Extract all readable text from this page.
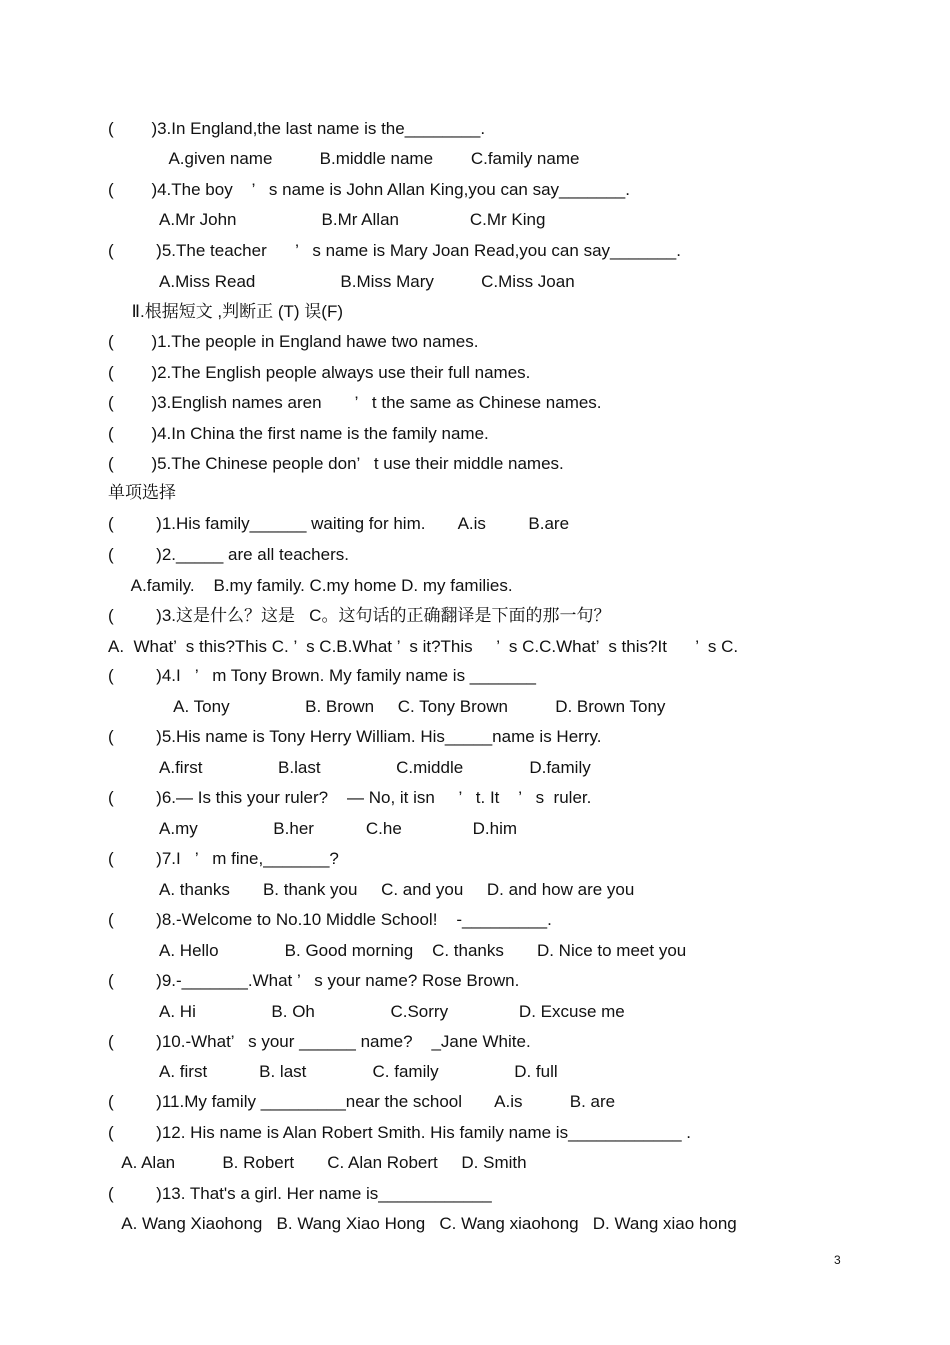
(        )3.In England,the last name is the________.
A.given name          B.middle name        C.family name
(        )4.The boy    ’   s name is John Allan King,you can say_______.
A.Mr John                  B.Mr Allan               C.Mr King
(         )5.The teacher      ’   s name is Mary Joan Read,you can say_______.
A.Miss Read                  B.Miss Mary          C.Miss Joan
Ⅱ.根据短文 ,判断正 (T) 误(F)
(        )1.The people in England hawe two names.
(        )2.The English people always use their full names.
(        )3.English names aren       ’   t the same as Chinese names.
(        )4.In China the first name is the family name.
(        )5.The Chinese people don’   t use their middle names.
单项选择
(         )1.His family______ waiting for him.       A.is         B.are
(         )2._____ are all teachers.
A.family.    B.my family. C.my home D. my families.
(         )3.这是什么？这是   C。这句话的正确翻译是下面的那一句？
A.  What’  s this?This C. ’  s C.B.What ’  s it?This     ’  s C.C.What’  s this?It      ’  s C.
(         )4.I   ’   m Tony Brown. My family name is _______
A. Tony                B. Brown     C. Tony Brown          D. Brown Tony
(         )5.His name is Tony Herry William. His_____name is Herry.
A.first                B.last                C.middle              D.family
(         )6.— Is this your ruler?    — No, it isn     ’   t. It    ’   s  ruler.
A.my                B.her           C.he               D.him
(         )7.I   ’   m fine,_______?
A. thanks       B. thank you     C. and you     D. and how are you
(         )8.-Welcome to No.10 Middle School!    -_________.
A. Hello              B. Good morning    C. thanks       D. Nice to meet you
(         )9.-_______.What ’   s your name? Rose Brown.
A. Hi                B. Oh                C.Sorry               D. Excuse me
(         )10.-What’   s your ______ name?    _Jane White.
A. first           B. last              C. family                D. full
(         )11.My family _________near the school       A.is          B. are
(         )12. His name is Alan Robert Smith. His family name is____________ .
A. Alan          B. Robert       C. Alan Robert     D. Smith
(         )13. That's a girl. Her name is____________
A. Wang Xiaohong   B. Wang Xiao Hong   C. Wang xiaohong   D. Wang xiao hong
3
